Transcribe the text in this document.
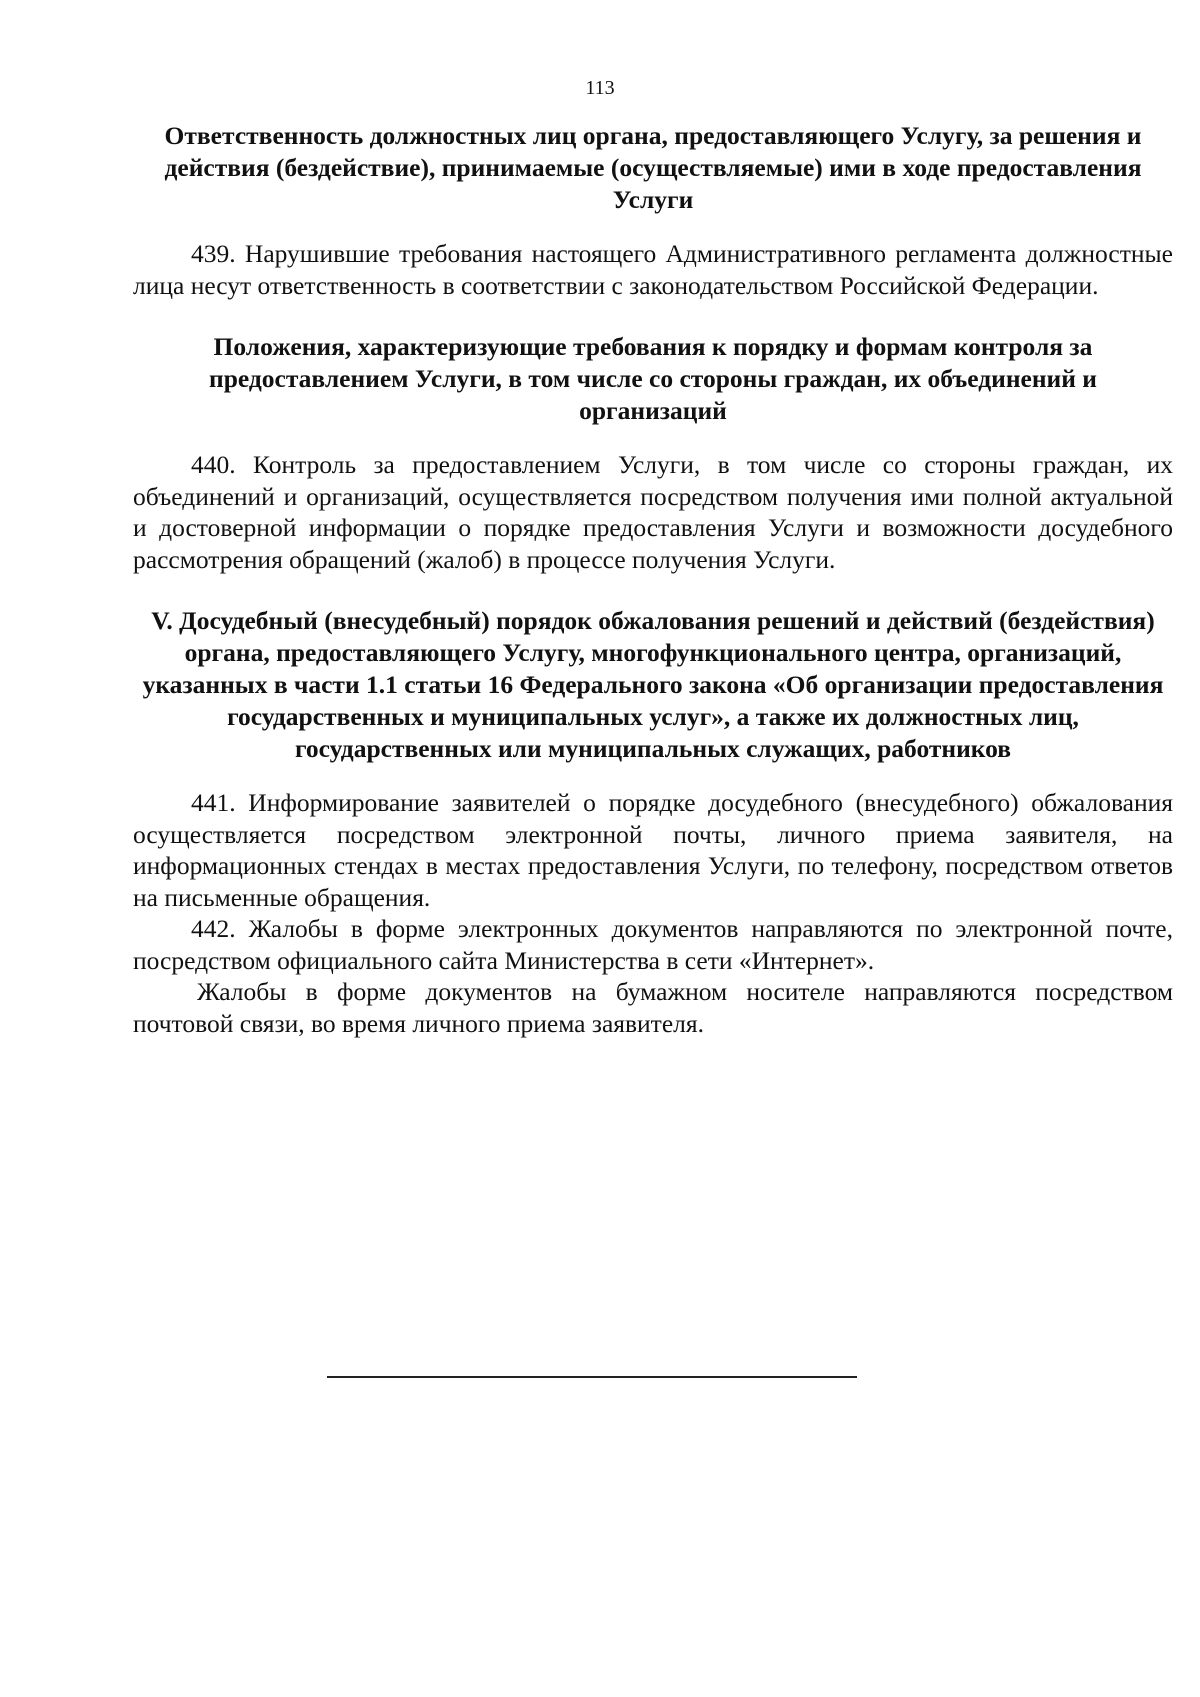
113

Ответственность должностных лиц органа, предоставляющего Услугу, за решения и действия (бездействие), принимаемые (осуществляемые) ими в ходе предоставления Услуги

439. Нарушившие требования настоящего Административного регламента должностные лица несут ответственность в соответствии с законодательством Российской Федерации.

Положения, характеризующие требования к порядку и формам контроля за предоставлением Услуги, в том числе со стороны граждан, их объединений и организаций

440. Контроль за предоставлением Услуги, в том числе со стороны граждан, их объединений и организаций, осуществляется посредством получения ими полной актуальной и достоверной информации о порядке предоставления Услуги и возможности досудебного рассмотрения обращений (жалоб) в процессе получения Услуги.

V. Досудебный (внесудебный) порядок обжалования решений и действий (бездействия) органа, предоставляющего Услугу, многофункционального центра, организаций, указанных в части 1.1 статьи 16 Федерального закона «Об организации предоставления государственных и муниципальных услуг», а также их должностных лиц, государственных или муниципальных служащих, работников

441. Информирование заявителей о порядке досудебного (внесудебного) обжалования осуществляется посредством электронной почты, личного приема заявителя, на информационных стендах в местах предоставления Услуги, по телефону, посредством ответов на письменные обращения.

442. Жалобы в форме электронных документов направляются по электронной почте, посредством официального сайта Министерства в сети «Интернет».

Жалобы в форме документов на бумажном носителе направляются посредством почтовой связи, во время личного приема заявителя.
